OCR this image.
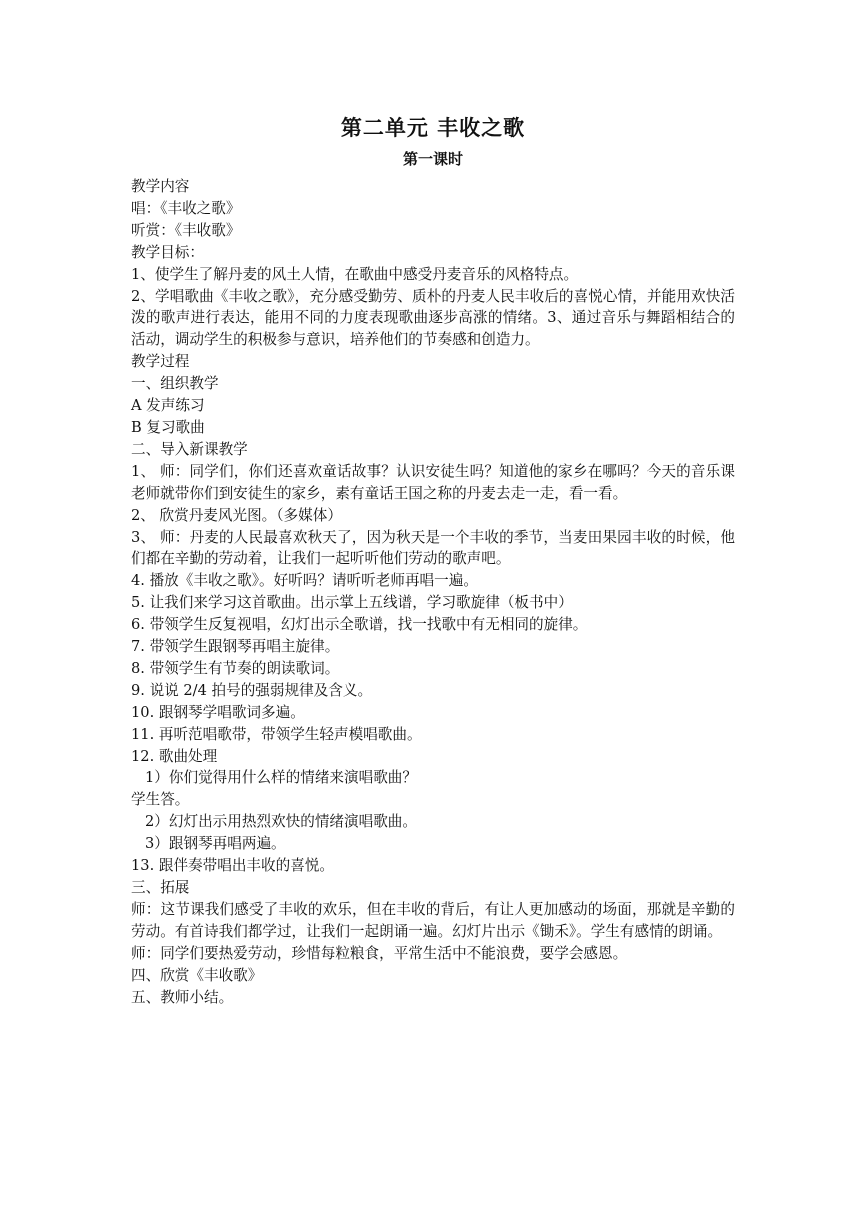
第二单元 丰收之歌
第一课时

教学内容

唱：《丰收之歌》

听赏：《丰收歌》

教学目标：

1、使学生了解丹麦的风土人情，在歌曲中感受丹麦音乐的风格特点。

2、学唱歌曲《丰收之歌》，充分感受勤劳、质朴的丹麦人民丰收后的喜悦心情，并能用欢快活泼的歌声进行表达，能用不同的力度表现歌曲逐步高涨的情绪。3、通过音乐与舞蹈相结合的活动，调动学生的积极参与意识，培养他们的节奏感和创造力。

教学过程

一、组织教学

A 发声练习

B 复习歌曲

二、导入新课教学

1、 师：同学们，你们还喜欢童话故事？认识安徒生吗？知道他的家乡在哪吗？今天的音乐课老师就带你们到安徒生的家乡，素有童话王国之称的丹麦去走一走，看一看。

2、 欣赏丹麦风光图。（多媒体）

3、 师：丹麦的人民最喜欢秋天了，因为秋天是一个丰收的季节，当麦田果园丰收的时候，他们都在辛勤的劳动着，让我们一起听听他们劳动的歌声吧。

4. 播放《丰收之歌》。好听吗？请听听老师再唱一遍。

5. 让我们来学习这首歌曲。出示掌上五线谱，学习歌旋律（板书中）

6. 带领学生反复视唱，幻灯出示全歌谱，找一找歌中有无相同的旋律。

7. 带领学生跟钢琴再唱主旋律。

8. 带领学生有节奏的朗读歌词。

9. 说说 2/4 拍号的强弱规律及含义。

10. 跟钢琴学唱歌词多遍。

11. 再听范唱歌带，带领学生轻声模唱歌曲。

12. 歌曲处理

1）你们觉得用什么样的情绪来演唱歌曲？

学生答。

2）幻灯出示用热烈欢快的情绪演唱歌曲。

3）跟钢琴再唱两遍。

13. 跟伴奏带唱出丰收的喜悦。

三、拓展

师：这节课我们感受了丰收的欢乐，但在丰收的背后，有让人更加感动的场面，那就是辛勤的劳动。有首诗我们都学过，让我们一起朗诵一遍。幻灯片出示《锄禾》。学生有感情的朗诵。

师：同学们要热爱劳动，珍惜每粒粮食，平常生活中不能浪费，要学会感恩。

四、欣赏《丰收歌》

五、教师小结。
